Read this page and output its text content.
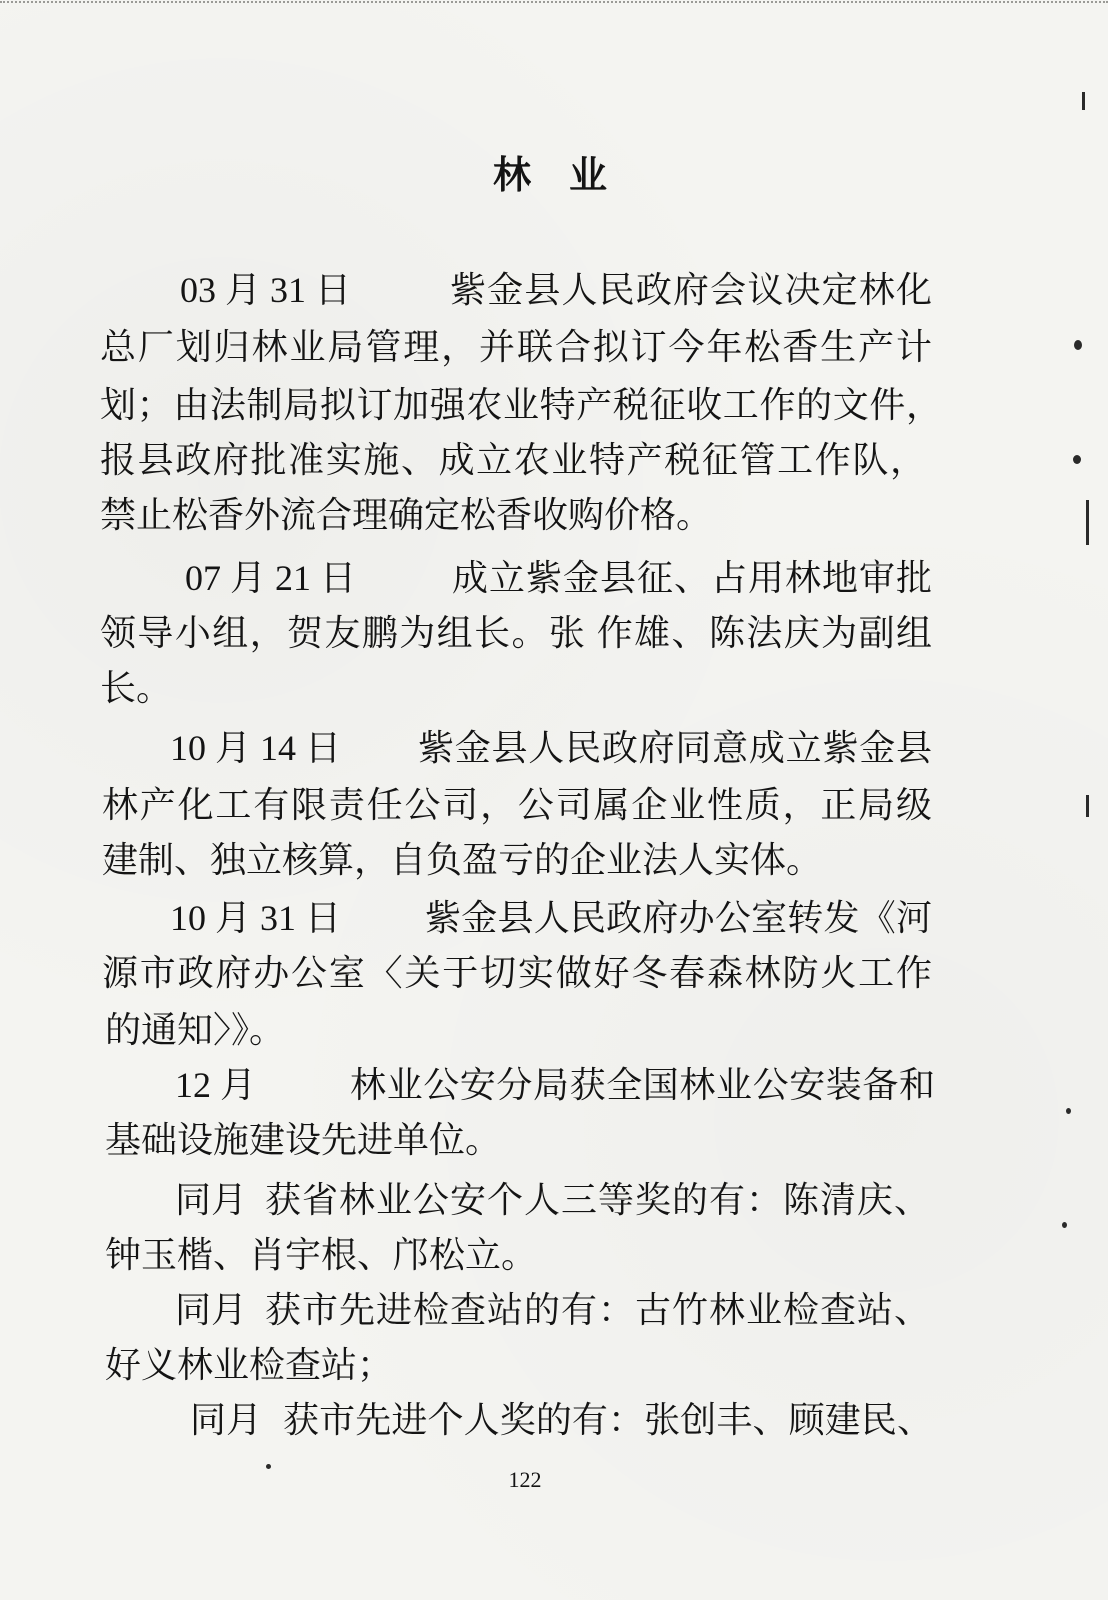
林　业
03 月 31 日	紫金县人民政府会议决定林化
总厂划归林业局管理，并联合拟订今年松香生产计
划；由法制局拟订加强农业特产税征收工作的文件，
报县政府批准实施、成立农业特产税征管工作队，
禁止松香外流合理确定松香收购价格。
07 月 21 日	成立紫金县征、占用林地审批
领导小组，贺友鹏为组长。张 作雄、陈法庆为副组
长。
10 月 14 日 紫金县人民政府同意成立紫金县
林产化工有限责任公司，公司属企业性质，正局级
建制、独立核算，自负盈亏的企业法人实体。
10 月 31 日 紫金县人民政府办公室转发《河
源市政府办公室〈关于切实做好冬春森林防火工作
的通知〉》。
12 月	林业公安分局获全国林业公安装备和
基础设施建设先进单位。
同月 获省林业公安个人三等奖的有：陈清庆、
钟玉楷、肖宇根、邝松立。
同月 获市先进检查站的有：古竹林业检查站、
好义林业检查站；
同月 获市先进个人奖的有：张创丰、顾建民、
122
